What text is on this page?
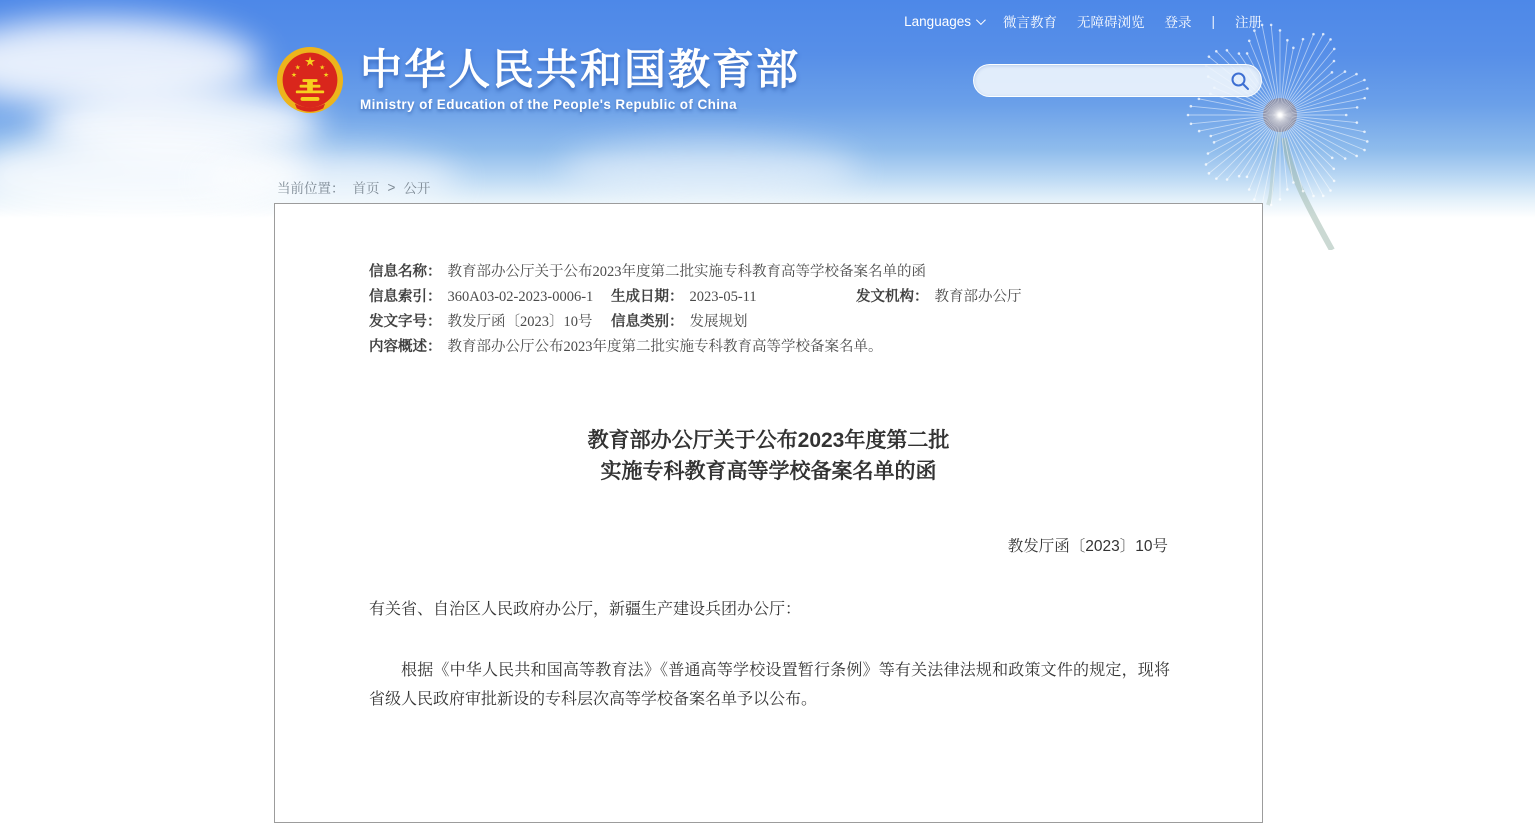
Languages 微言教育 无障碍浏览 登录 | 注册
★
★	★
★	★ 中华人民共和国教育部
Ministry of Education of the People's Republic of China
当前位置： 首页 > 公开
信息名称： 教育部办公厅关于公布2023年度第二批实施专科教育高等学校备案名单的函
信息索引： 360A03-02-2023-0006-1 生成日期： 2023-05-11	发文机构： 教育部办公厅
发文字号： 教发厅函〔2023〕10号 信息类别： 发展规划
内容概述： 教育部办公厅公布2023年度第二批实施专科教育高等学校备案名单。
教育部办公厅关于公布2023年度第二批
实施专科教育高等学校备案名单的函
教发厅函〔2023〕10号
有关省、自治区人民政府办公厅，新疆生产建设兵团办公厅：
根据《中华人民共和国高等教育法》《普通高等学校设置暂行条例》等有关法律法规和政策文件的规定，现将省级人民政府审批新设的专科层次高等学校备案名单予以公布。
